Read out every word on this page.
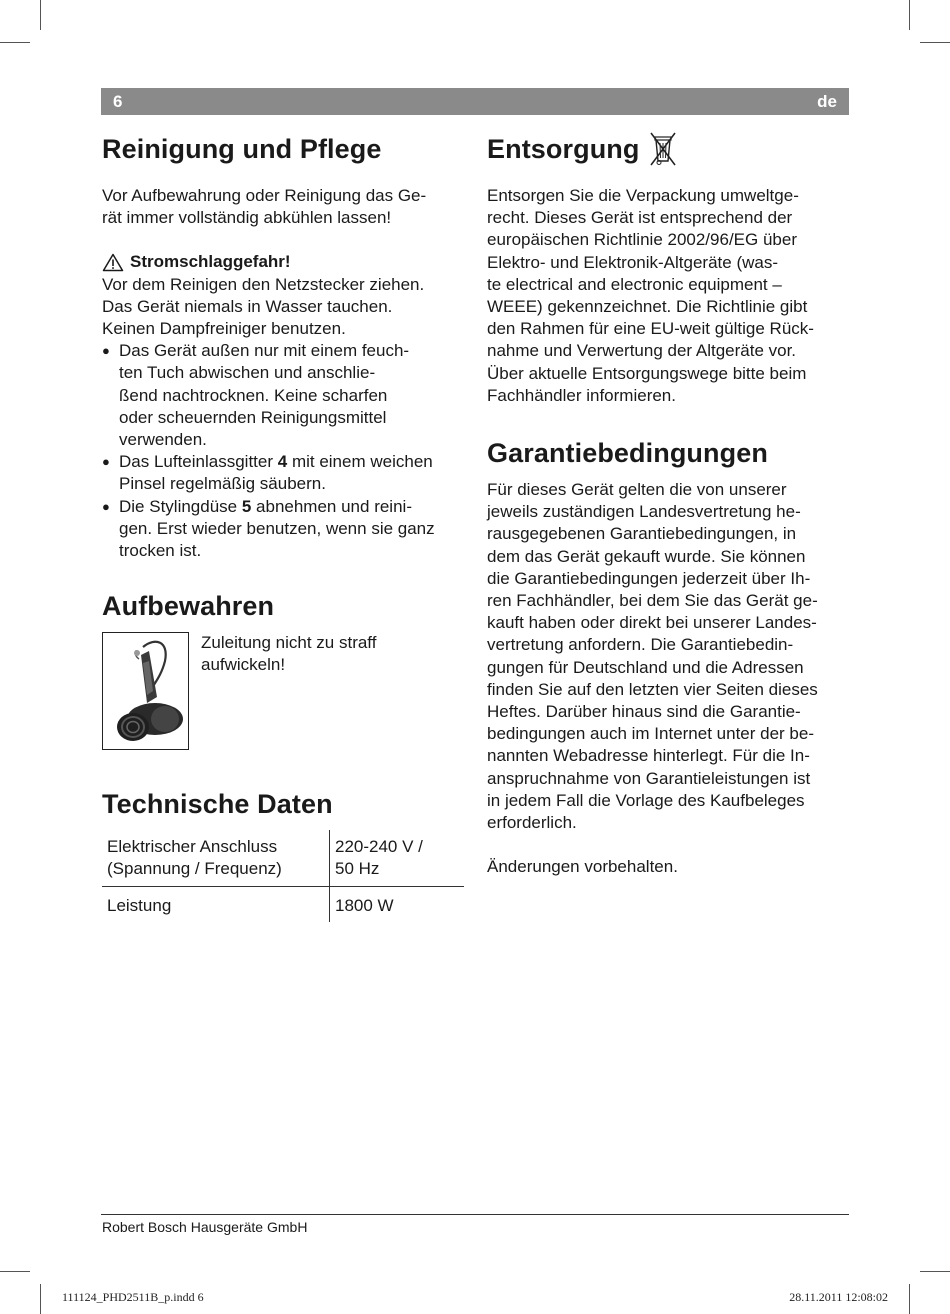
6	de
Reinigung und Pflege

Vor Aufbewahrung oder Reinigung das Ge-
rät immer vollständig abkühlen lassen!

Stromschlaggefahr!

Vor dem Reinigen den Netzstecker ziehen.
Das Gerät niemals in Wasser tauchen.
Keinen Dampfreiniger benutzen.

● Das Gerät außen nur mit einem feuch-
ten Tuch abwischen und anschlie-
ßend nachtrocknen. Keine scharfen
oder scheuernden Reinigungsmittel
verwenden.
● Das Lufteinlassgitter 4 mit einem weichen
Pinsel regelmäßig säubern.
● Die Stylingdüse 5 abnehmen und reini-
gen. Erst wieder benutzen, wenn sie ganz
trocken ist.
Aufbewahren

Zuleitung nicht zu straff
aufwickeln!

Technische Daten
Elektrischer Anschluss
(Spannung / Frequenz)	220-240 V /
50 Hz
Leistung	1800 W
Entsorgung

Entsorgen Sie die Verpackung umweltge-
recht. Dieses Gerät ist entsprechend der
europäischen Richtlinie 2002/96/EG über
Elektro- und Elektronik-Altgeräte (was-
te electrical and electronic equipment –
WEEE) gekennzeichnet. Die Richtlinie gibt
den Rahmen für eine EU-weit gültige Rück-
nahme und Verwertung der Altgeräte vor.
Über aktuelle Entsorgungswege bitte beim
Fachhändler informieren.

Garantiebedingungen

Für dieses Gerät gelten die von unserer
jeweils zuständigen Landesvertretung he-
rausgegebenen Garantiebedingungen, in
dem das Gerät gekauft wurde. Sie können
die Garantiebedingungen jederzeit über Ih-
ren Fachhändler, bei dem Sie das Gerät ge-
kauft haben oder direkt bei unserer Landes-
vertretung anfordern. Die Garantiebedin-
gungen für Deutschland und die Adressen
finden Sie auf den letzten vier Seiten dieses
Heftes. Darüber hinaus sind die Garantie-
bedingungen auch im Internet unter der be-
nannten Webadresse hinterlegt. Für die In-
anspruchnahme von Garantieleistungen ist
in jedem Fall die Vorlage des Kaufbeleges
erforderlich.

Änderungen vorbehalten.

Robert Bosch Hausgeräte GmbH
111124_PHD2511B_p.indd 6	28.11.2011 12:08:02
